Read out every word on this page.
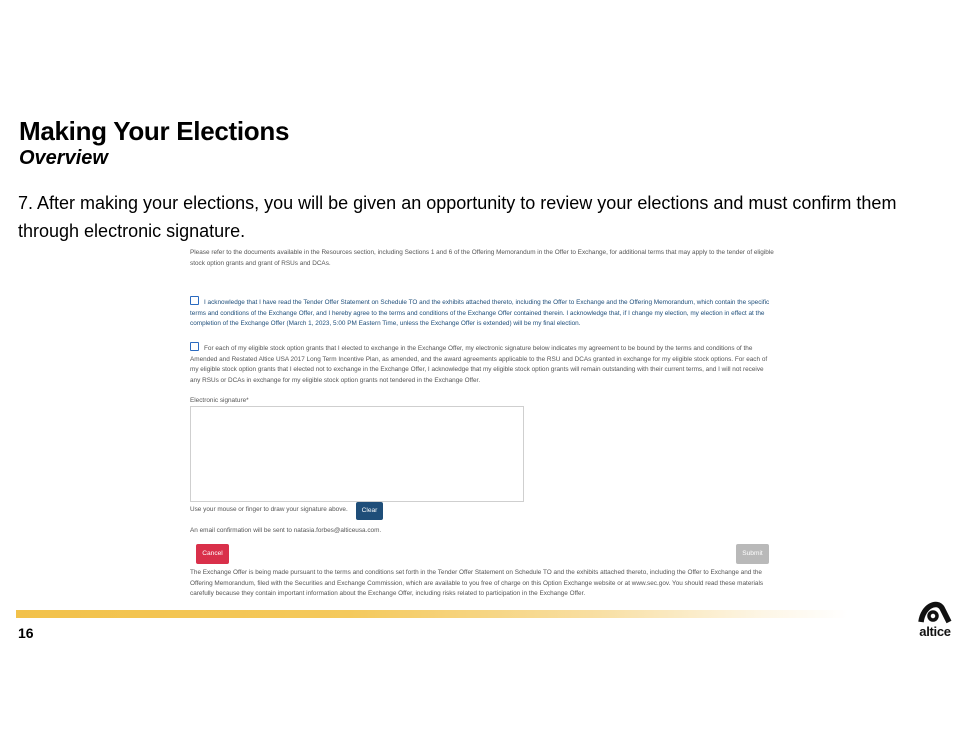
Making Your Elections
Overview

7. After making your elections, you will be given an opportunity to review your elections and must confirm them through electronic signature.

Please refer to the documents available in the Resources section, including Sections 1 and 6 of the Offering Memorandum in the Offer to Exchange, for additional terms that may apply to the tender of eligible stock option grants and grant of RSUs and DCAs.
I acknowledge that I have read the Tender Offer Statement on Schedule TO and the exhibits attached thereto, including the Offer to Exchange and the Offering Memorandum, which contain the specific terms and conditions of the Exchange Offer, and I hereby agree to the terms and conditions of the Exchange Offer contained therein. I acknowledge that, if I change my election, my election in effect at the completion of the Exchange Offer (March 1, 2023, 5:00 PM Eastern Time, unless the Exchange Offer is extended) will be my final election.
For each of my eligible stock option grants that I elected to exchange in the Exchange Offer, my electronic signature below indicates my agreement to be bound by the terms and conditions of the Amended and Restated Altice USA 2017 Long Term Incentive Plan, as amended, and the award agreements applicable to the RSU and DCAs granted in exchange for my eligible stock options. For each of my eligible stock option grants that I elected not to exchange in the Exchange Offer, I acknowledge that my eligible stock option grants will remain outstanding with their current terms, and I will not receive any RSUs or DCAs in exchange for my eligible stock option grants not tendered in the Exchange Offer.
Electronic signature*
Use your mouse or finger to draw your signature above.	Clear
An email confirmation will be sent to natasia.forbes@alticeusa.com.
Cancel	Submit
The Exchange Offer is being made pursuant to the terms and conditions set forth in the Tender Offer Statement on Schedule TO and the exhibits attached thereto, including the Offer to Exchange and the Offering Memorandum, filed with the Securities and Exchange Commission, which are available to you free of charge on this Option Exchange website or at www.sec.gov. You should read these materials carefully because they contain important information about the Exchange Offer, including risks related to participation in the Exchange Offer.
16	altice
